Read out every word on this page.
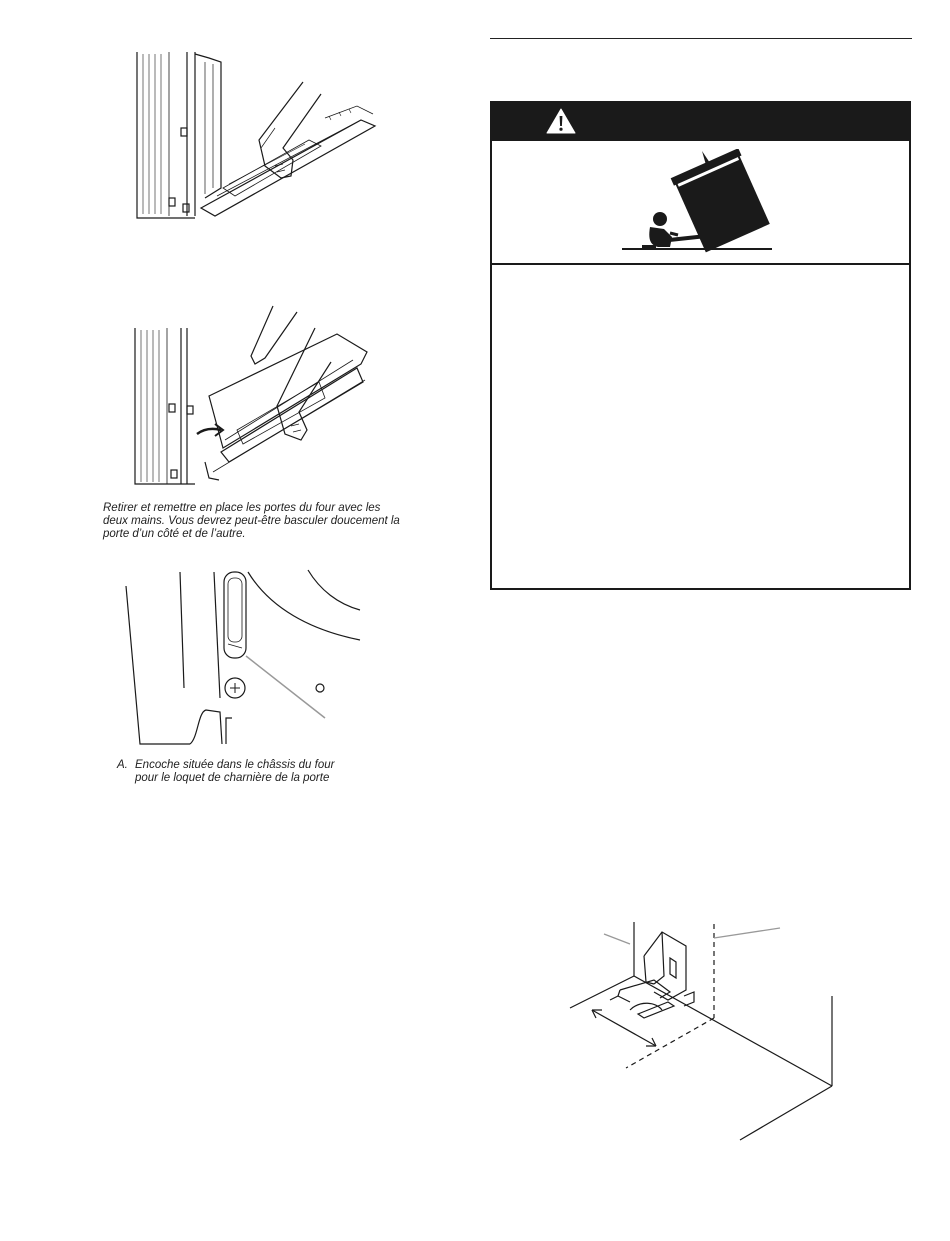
Retirer et remettre en place les portes du four avec les deux mains. Vous devrez peut-être basculer doucement la porte d’un côté et de l’autre.
A. Encoche située dans le châssis du four
pour le loquet de charnière de la porte
